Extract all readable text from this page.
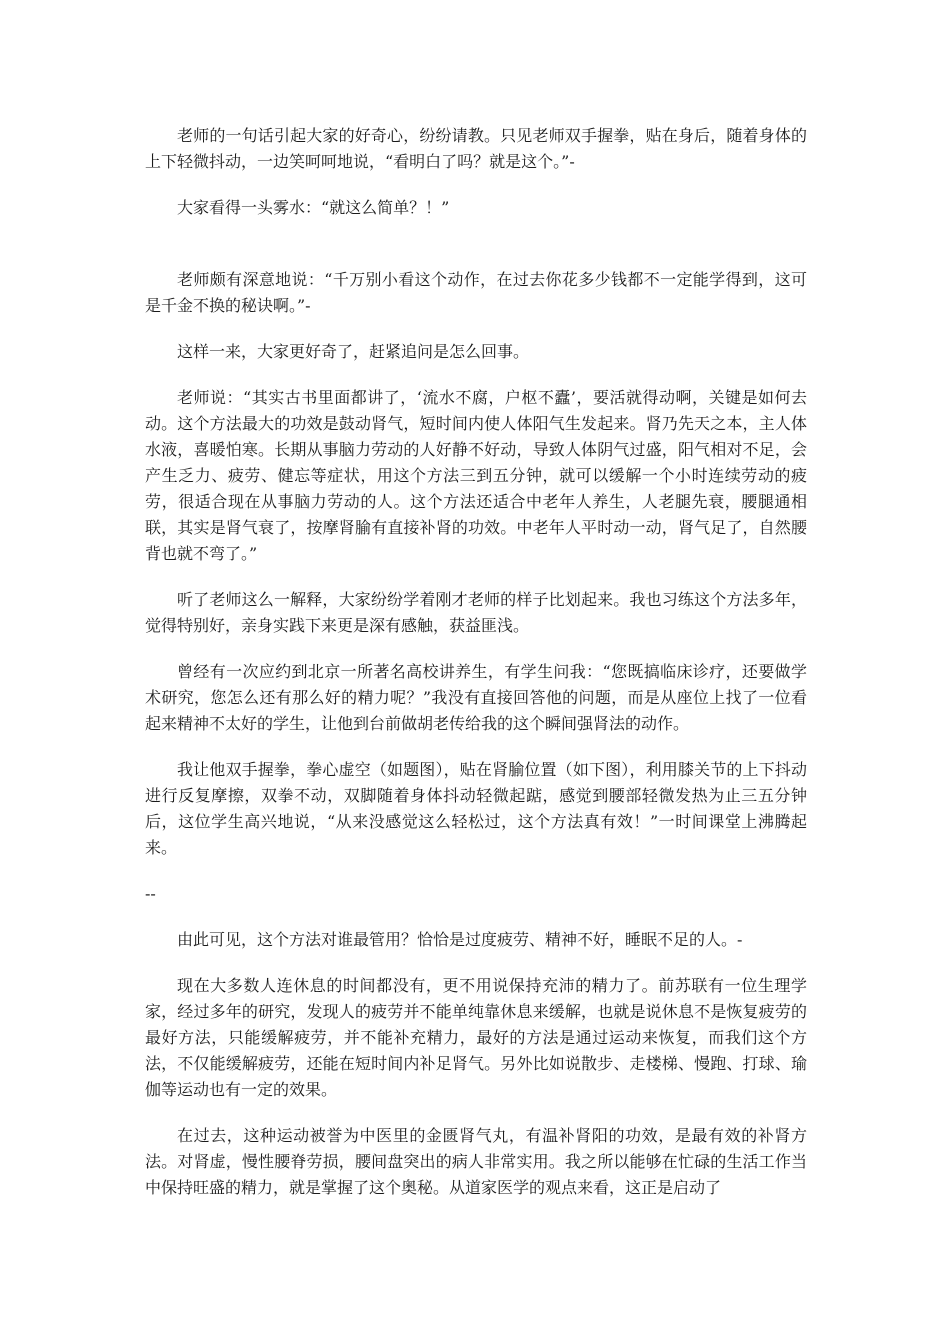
老师的一句话引起大家的好奇心，纷纷请教。只见老师双手握拳，贴在身后，随着身体的上下轻微抖动，一边笑呵呵地说，“看明白了吗？就是这个。”-

大家看得一头雾水：“就这么简单？！”

老师颇有深意地说：“千万别小看这个动作，在过去你花多少钱都不一定能学得到，这可是千金不换的秘诀啊。”-

这样一来，大家更好奇了，赶紧追问是怎么回事。

老师说：“其实古书里面都讲了，‘流水不腐，户枢不蠹’，要活就得动啊，关键是如何去动。这个方法最大的功效是鼓动肾气，短时间内使人体阳气生发起来。肾乃先天之本，主人体水液，喜暖怕寒。长期从事脑力劳动的人好静不好动，导致人体阴气过盛，阳气相对不足，会产生乏力、疲劳、健忘等症状，用这个方法三到五分钟，就可以缓解一个小时连续劳动的疲劳，很适合现在从事脑力劳动的人。这个方法还适合中老年人养生，人老腿先衰，腰腿通相联，其实是肾气衰了，按摩肾腧有直接补肾的功效。中老年人平时动一动，肾气足了，自然腰背也就不弯了。”

听了老师这么一解释，大家纷纷学着刚才老师的样子比划起来。我也习练这个方法多年，觉得特别好，亲身实践下来更是深有感触，获益匪浅。

曾经有一次应约到北京一所著名高校讲养生，有学生问我：“您既搞临床诊疗，还要做学术研究，您怎么还有那么好的精力呢？”我没有直接回答他的问题，而是从座位上找了一位看起来精神不太好的学生，让他到台前做胡老传给我的这个瞬间强肾法的动作。

我让他双手握拳，拳心虚空（如题图），贴在肾腧位置（如下图），利用膝关节的上下抖动进行反复摩擦，双拳不动，双脚随着身体抖动轻微起踮，感觉到腰部轻微发热为止三五分钟后，这位学生高兴地说，“从来没感觉这么轻松过，这个方法真有效！”一时间课堂上沸腾起来。

--

由此可见，这个方法对谁最管用？恰恰是过度疲劳、精神不好，睡眠不足的人。-

现在大多数人连休息的时间都没有，更不用说保持充沛的精力了。前苏联有一位生理学家，经过多年的研究，发现人的疲劳并不能单纯靠休息来缓解，也就是说休息不是恢复疲劳的最好方法，只能缓解疲劳，并不能补充精力，最好的方法是通过运动来恢复，而我们这个方法，不仅能缓解疲劳，还能在短时间内补足肾气。另外比如说散步、走楼梯、慢跑、打球、瑜伽等运动也有一定的效果。

在过去，这种运动被誉为中医里的金匮肾气丸，有温补肾阳的功效，是最有效的补肾方法。对肾虚，慢性腰脊劳损，腰间盘突出的病人非常实用。我之所以能够在忙碌的生活工作当中保持旺盛的精力，就是掌握了这个奥秘。从道家医学的观点来看，这正是启动了
